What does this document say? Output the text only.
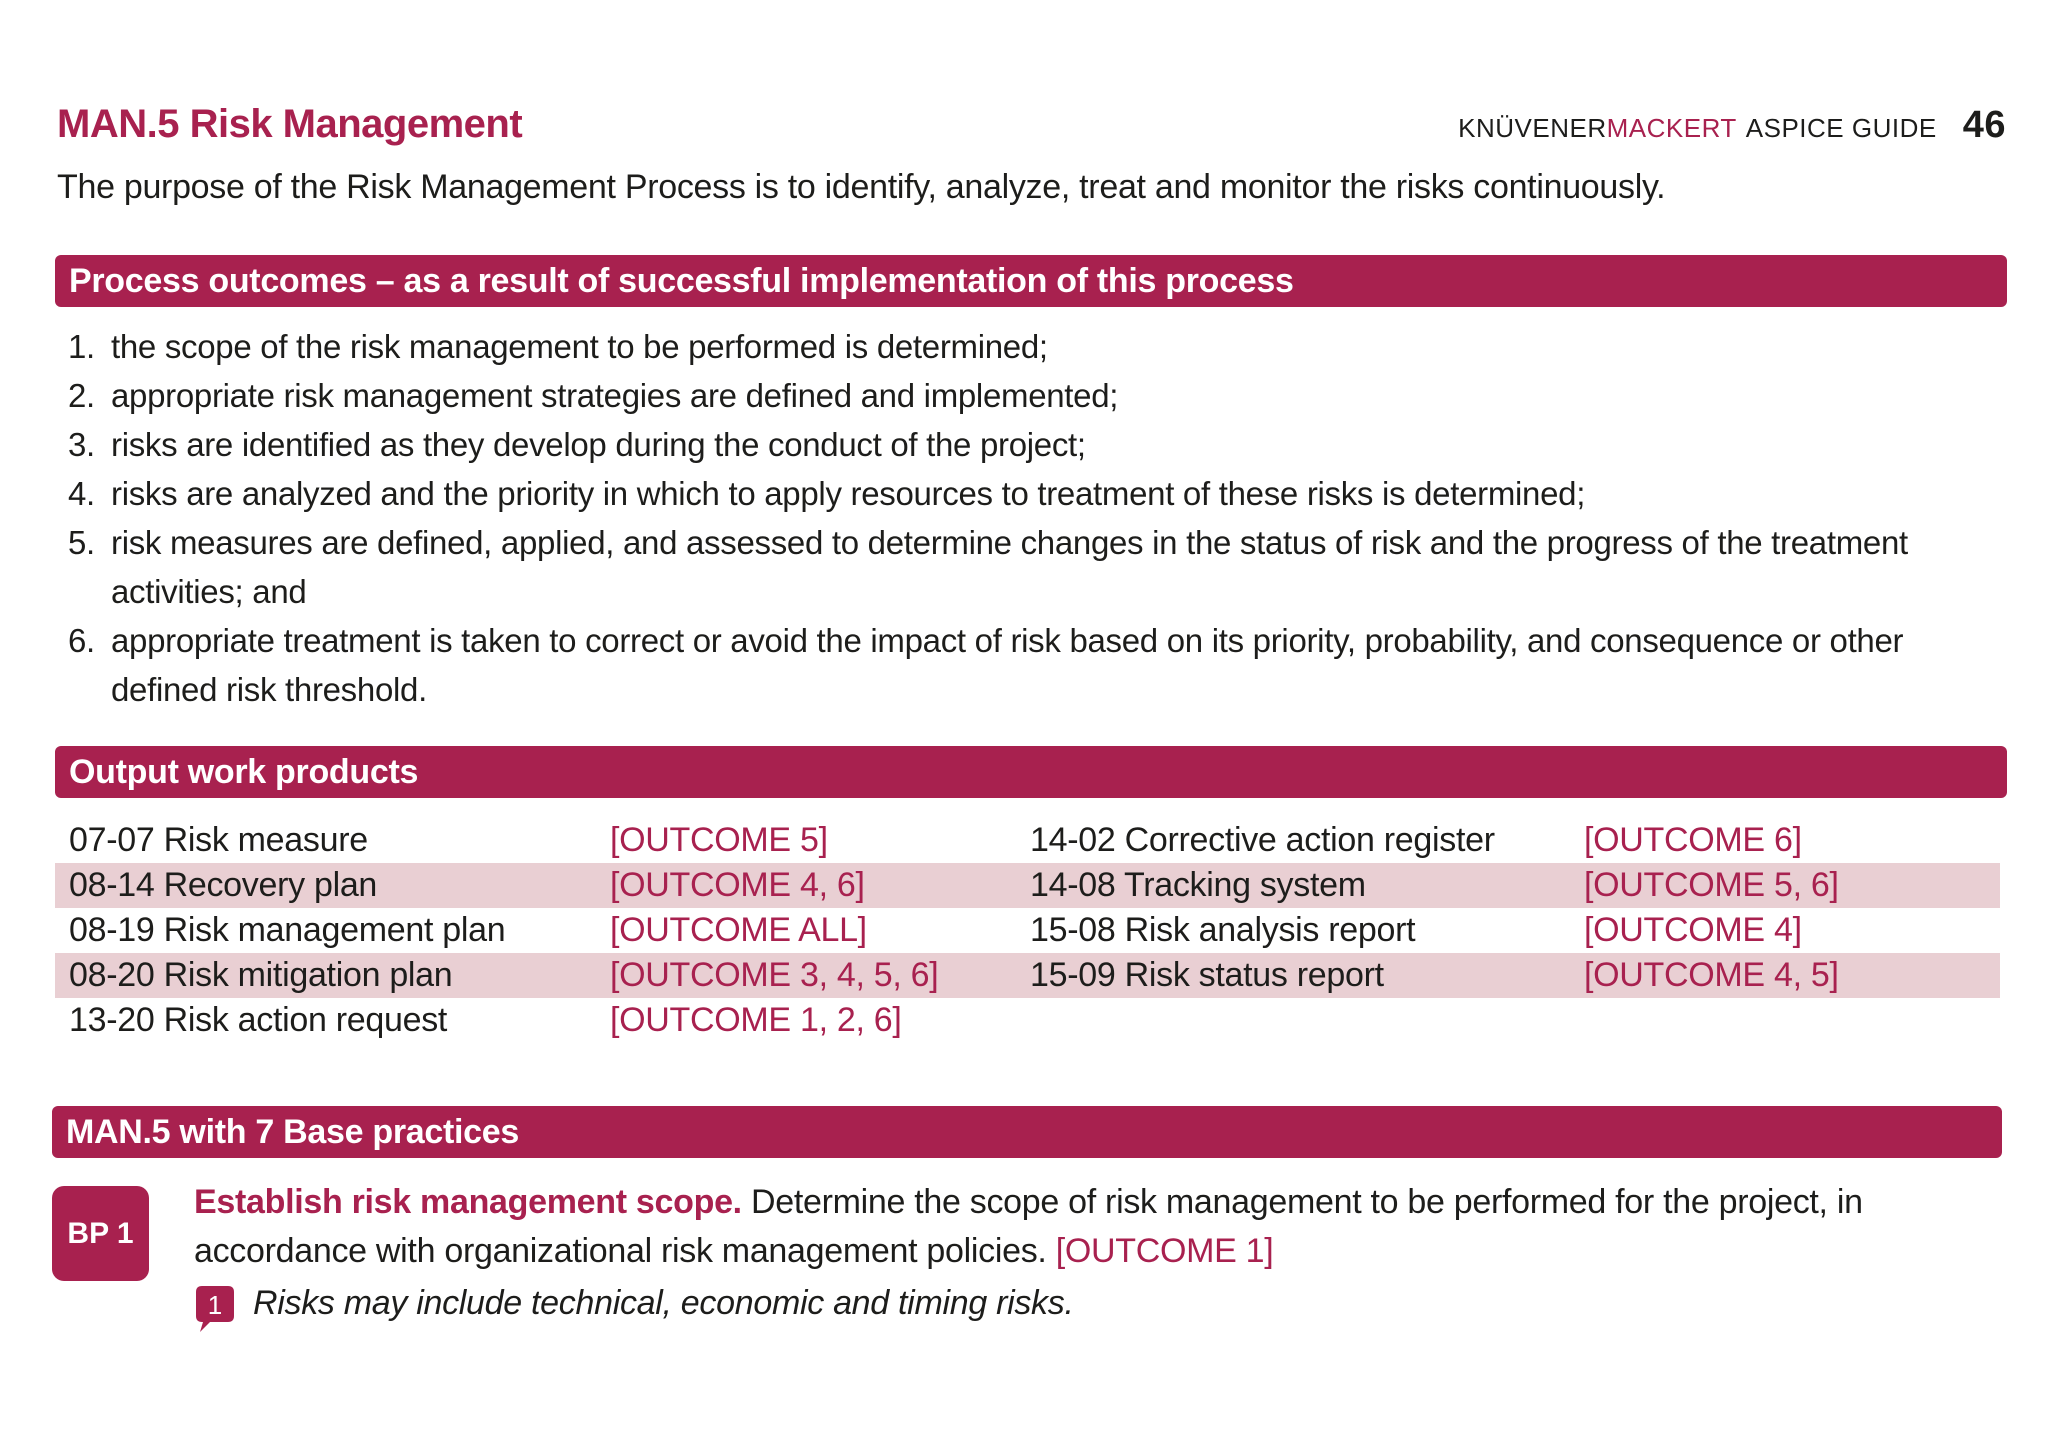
MAN.5 Risk Management	KNÜVENER MACKERT ASPICE GUIDE 46
The purpose of the Risk Management Process is to identify, analyze, treat and monitor the risks continuously.
Process outcomes – as a result of successful implementation of this process
1. the scope of the risk management to be performed is determined;
2. appropriate risk management strategies are defined and implemented;
3. risks are identified as they develop during the conduct of the project;
4. risks are analyzed and the priority in which to apply resources to treatment of these risks is determined;
5. risk measures are defined, applied, and assessed to determine changes in the status of risk and the progress of the treatment activities; and
6. appropriate treatment is taken to correct or avoid the impact of risk based on its priority, probability, and consequence or other defined risk threshold.
Output work products
07-07 Risk measure	[OUTCOME 5]	14-02 Corrective action register	[OUTCOME 6]
08-14 Recovery plan	[OUTCOME 4, 6]	14-08 Tracking system	[OUTCOME 5, 6]
08-19 Risk management plan	[OUTCOME ALL]	15-08 Risk analysis report	[OUTCOME 4]
08-20 Risk mitigation plan	[OUTCOME 3, 4, 5, 6]	15-09 Risk status report	[OUTCOME 4, 5]
13-20 Risk action request	[OUTCOME 1, 2, 6]
MAN.5 with 7 Base practices
BP 1
Establish risk management scope. Determine the scope of risk management to be performed for the project, in accordance with organizational risk management policies. [OUTCOME 1]
1 Risks may include technical, economic and timing risks.
